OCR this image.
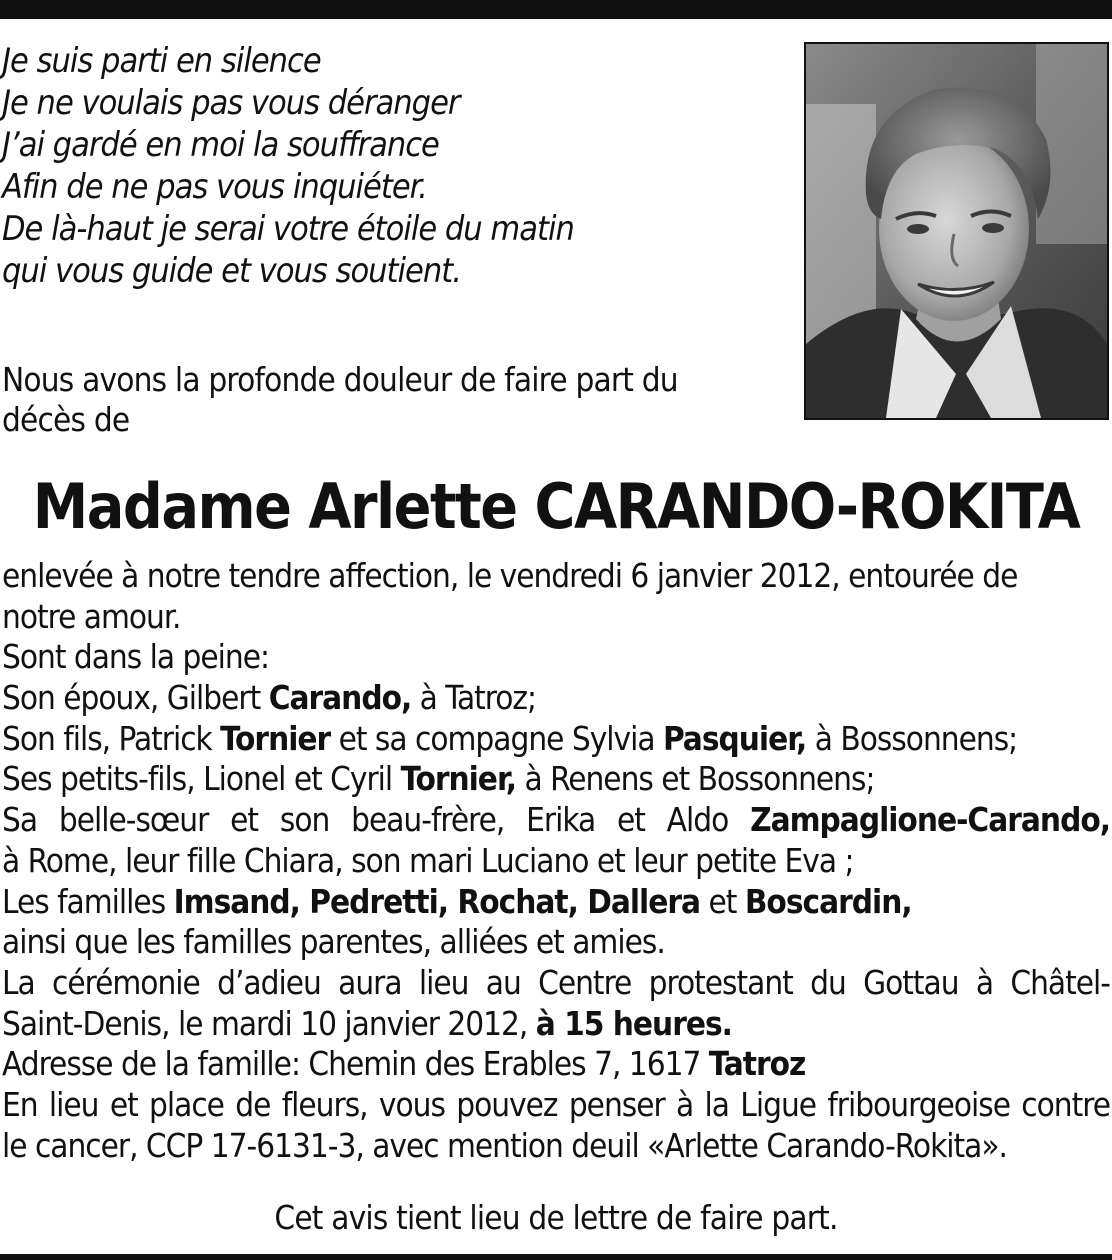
Je suis parti en silence
Je ne voulais pas vous déranger
J’ai gardé en moi la souffrance
Afin de ne pas vous inquiéter.
De là-haut je serai votre étoile du matin
qui vous guide et vous soutient.
Nous avons la profonde douleur de faire part du décès de
Madame Arlette CARANDO-ROKITA
enlevée à notre tendre affection, le vendredi 6 janvier 2012, entourée de
notre amour.
Sont dans la peine:
Son époux, Gilbert Carando, à Tatroz;
Son fils, Patrick Tornier et sa compagne Sylvia Pasquier, à Bossonnens;
Ses petits-fils, Lionel et Cyril Tornier, à Renens et Bossonnens;
Sa belle-sœur et son beau-frère, Erika et Aldo Zampaglione-Carando,
à Rome, leur fille Chiara, son mari Luciano et leur petite Eva ;
Les familles Imsand, Pedretti, Rochat, Dallera et Boscardin,
ainsi que les familles parentes, alliées et amies.
La cérémonie d’adieu aura lieu au Centre protestant du Gottau à Châtel-
Saint-Denis, le mardi 10 janvier 2012, à 15 heures.
Adresse de la famille: Chemin des Erables 7, 1617 Tatroz
En lieu et place de fleurs, vous pouvez penser à la Ligue fribourgeoise contre
le cancer, CCP 17-6131-3, avec mention deuil «Arlette Carando-Rokita».
Cet avis tient lieu de lettre de faire part.
